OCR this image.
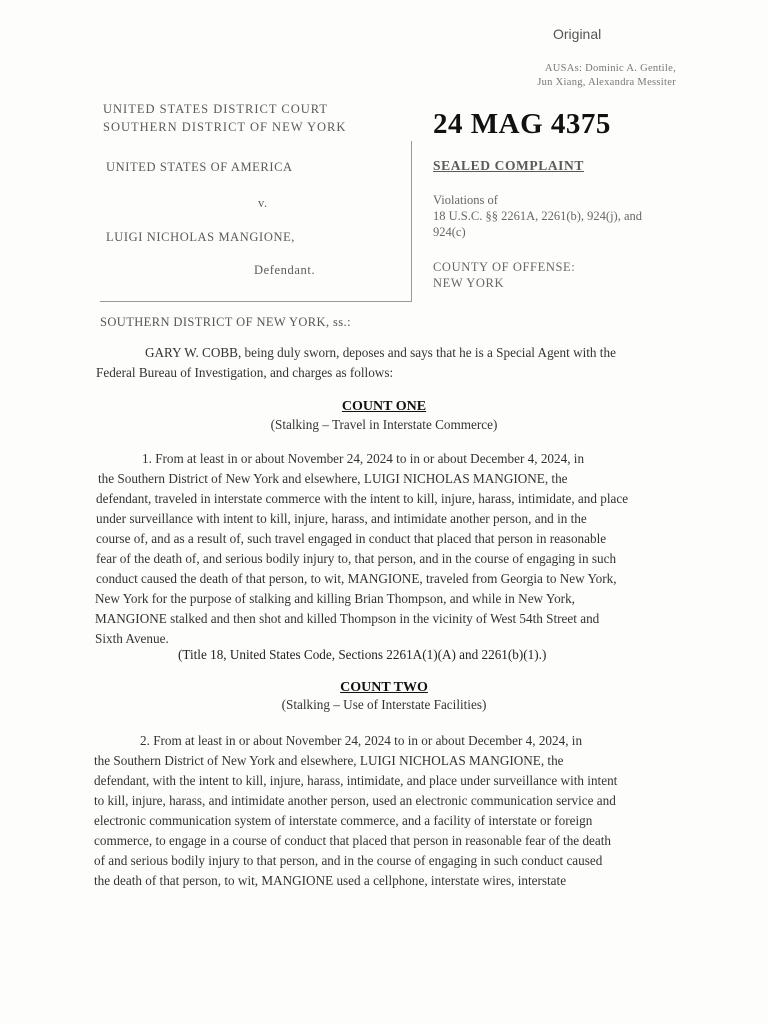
Original
AUSAs: Dominic A. Gentile,
Jun Xiang, Alexandra Messiter
UNITED STATES DISTRICT COURT
SOUTHERN DISTRICT OF NEW YORK	24 MAG 4375
UNITED STATES OF AMERICA
v.
LUIGI NICHOLAS MANGIONE,
Defendant.
SEALED COMPLAINT
Violations of
18 U.S.C. §§ 2261A, 2261(b), 924(j), and
924(c)
COUNTY OF OFFENSE:
NEW YORK
SOUTHERN DISTRICT OF NEW YORK, ss.:
GARY W. COBB, being duly sworn, deposes and says that he is a Special Agent with the
Federal Bureau of Investigation, and charges as follows:
COUNT ONE
(Stalking – Travel in Interstate Commerce)
1. From at least in or about November 24, 2024 to in or about December 4, 2024, in
the Southern District of New York and elsewhere, LUIGI NICHOLAS MANGIONE, the
defendant, traveled in interstate commerce with the intent to kill, injure, harass, intimidate, and place
under surveillance with intent to kill, injure, harass, and intimidate another person, and in the
course of, and as a result of, such travel engaged in conduct that placed that person in reasonable
fear of the death of, and serious bodily injury to, that person, and in the course of engaging in such
conduct caused the death of that person, to wit, MANGIONE, traveled from Georgia to New York,
New York for the purpose of stalking and killing Brian Thompson, and while in New York,
MANGIONE stalked and then shot and killed Thompson in the vicinity of West 54th Street and
Sixth Avenue.
(Title 18, United States Code, Sections 2261A(1)(A) and 2261(b)(1).)
COUNT TWO
(Stalking – Use of Interstate Facilities)
2. From at least in or about November 24, 2024 to in or about December 4, 2024, in
the Southern District of New York and elsewhere, LUIGI NICHOLAS MANGIONE, the
defendant, with the intent to kill, injure, harass, intimidate, and place under surveillance with intent
to kill, injure, harass, and intimidate another person, used an electronic communication service and
electronic communication system of interstate commerce, and a facility of interstate or foreign
commerce, to engage in a course of conduct that placed that person in reasonable fear of the death
of and serious bodily injury to that person, and in the course of engaging in such conduct caused
the death of that person, to wit, MANGIONE used a cellphone, interstate wires, interstate
